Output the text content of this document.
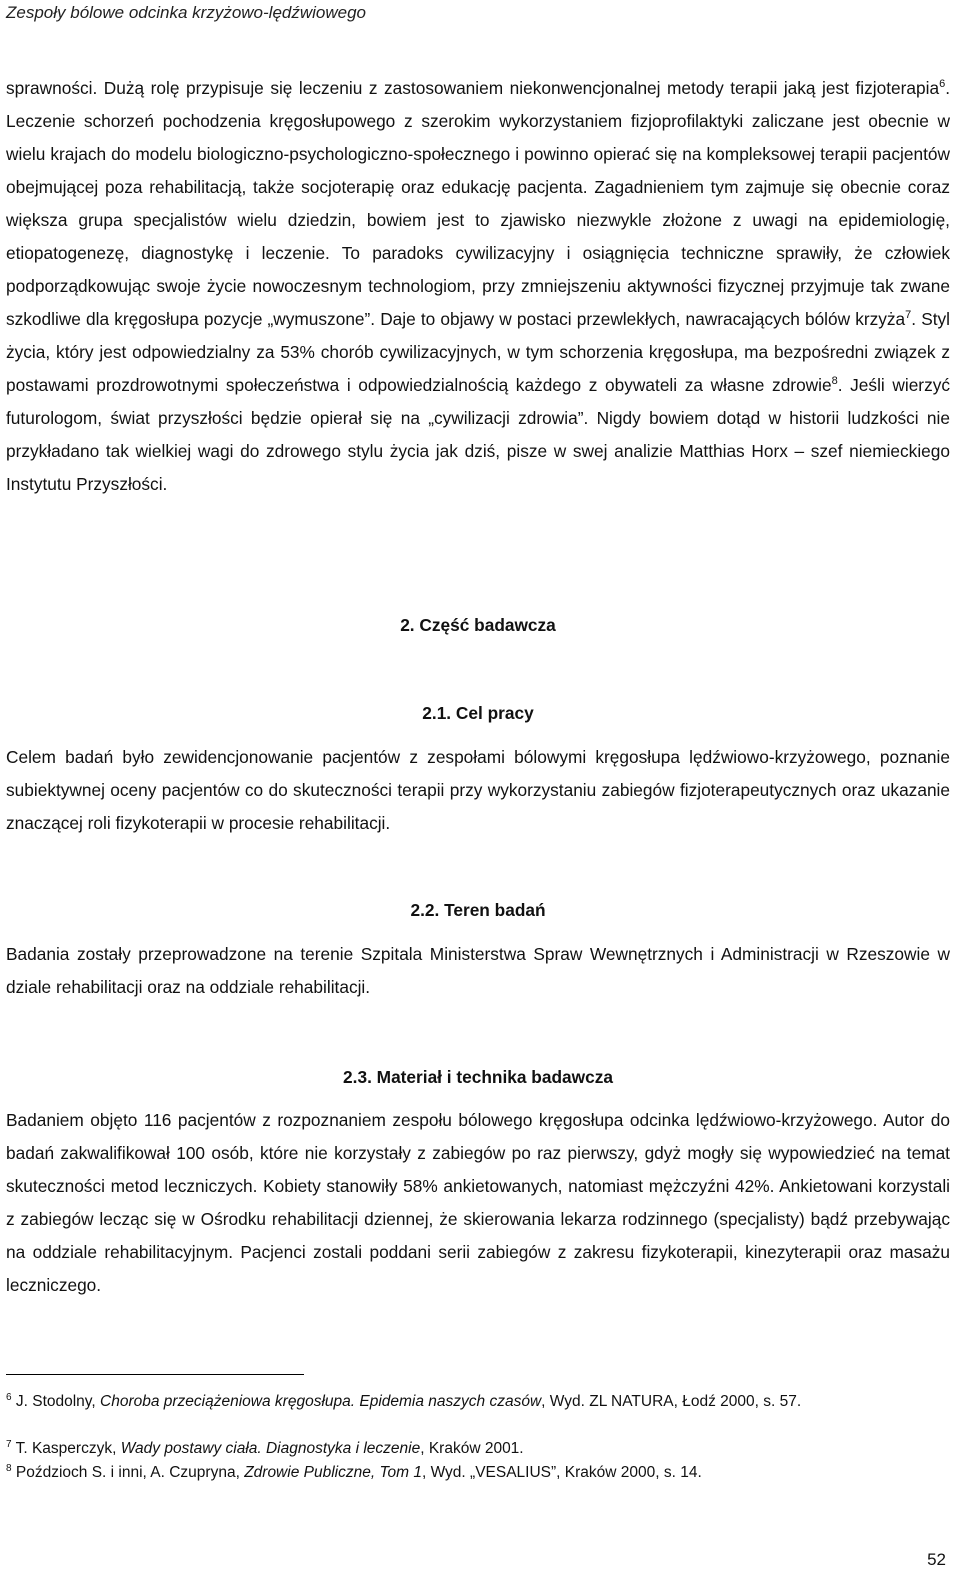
Zespoły bólowe odcinka krzyżowo-lędźwiowego

sprawności. Dużą rolę przypisuje się leczeniu z zastosowaniem niekonwencjonalnej metody terapii jaką jest fizjoterapia$^6$. Leczenie schorzeń pochodzenia kręgosłupowego z szerokim wykorzystaniem fizjoprofilaktyki zaliczane jest obecnie w wielu krajach do modelu biologiczno-psychologiczno-społecznego i powinno opierać się na kompleksowej terapii pacjentów obejmującej poza rehabilitacją, także socjoterapię oraz edukację pacjenta. Zagadnieniem tym zajmuje się obecnie coraz większa grupa specjalistów wielu dziedzin, bowiem jest to zjawisko niezwykle złożone z uwagi na epidemiologię, etiopatogenezę, diagnostykę i leczenie. To paradoks cywilizacyjny i osiągnięcia techniczne sprawiły, że człowiek podporządkowując swoje życie nowoczesnym technologiom, przy zmniejszeniu aktywności fizycznej przyjmuje tak zwane szkodliwe dla kręgosłupa pozycje „wymuszone”. Daje to objawy w postaci przewlekłych, nawracających bólów krzyża$^7$. Styl życia, który jest odpowiedzialny za 53% chorób cywilizacyjnych, w tym schorzenia kręgosłupa, ma bezpośredni związek z postawami prozdrowotnymi społeczeństwa i odpowiedzialnością każdego z obywateli za własne zdrowie$^8$. Jeśli wierzyć futurologom, świat przyszłości będzie opierał się na „cywilizacji zdrowia”. Nigdy bowiem dotąd w historii ludzkości nie przykładano tak wielkiej wagi do zdrowego stylu życia jak dziś, pisze w swej analizie Matthias Horx – szef niemieckiego Instytutu Przyszłości.

2. Część badawcza
2.1. Cel pracy

Celem badań było zewidencjonowanie pacjentów z zespołami bólowymi kręgosłupa lędźwiowo-krzyżowego, poznanie subiektywnej oceny pacjentów co do skuteczności terapii przy wykorzystaniu zabiegów fizjoterapeutycznych oraz ukazanie znaczącej roli fizykoterapii w procesie rehabilitacji.

2.2. Teren badań

Badania zostały przeprowadzone na terenie Szpitala Ministerstwa Spraw Wewnętrznych i Administracji w Rzeszowie w dziale rehabilitacji oraz na oddziale rehabilitacji.

2.3. Materiał i technika badawcza

Badaniem objęto 116 pacjentów z rozpoznaniem zespołu bólowego kręgosłupa odcinka lędźwiowo-krzyżowego. Autor do badań zakwalifikował 100 osób, które nie korzystały z zabiegów po raz pierwszy, gdyż mogły się wypowiedzieć na temat skuteczności metod leczniczych. Kobiety stanowiły 58% ankietowanych, natomiast mężczyźni 42%. Ankietowani korzystali z zabiegów lecząc się w Ośrodku rehabilitacji dziennej, że skierowania lekarza rodzinnego (specjalisty) bądź przebywając na oddziale rehabilitacyjnym. Pacjenci zostali poddani serii zabiegów z zakresu fizykoterapii, kinezyterapii oraz masażu leczniczego.

$^6$ J. Stodolny, Choroba przeciążeniowa kręgosłupa. Epidemia naszych czasów, Wyd. ZL NATURA, Łodź 2000, s. 57.

$^7$ T. Kasperczyk, Wady postawy ciała. Diagnostyka i leczenie, Kraków 2001.

$^8$ Poździoch S. i inni, A. Czupryna, Zdrowie Publiczne, Tom 1, Wyd. „VESALIUS”, Kraków 2000, s. 14.

52
